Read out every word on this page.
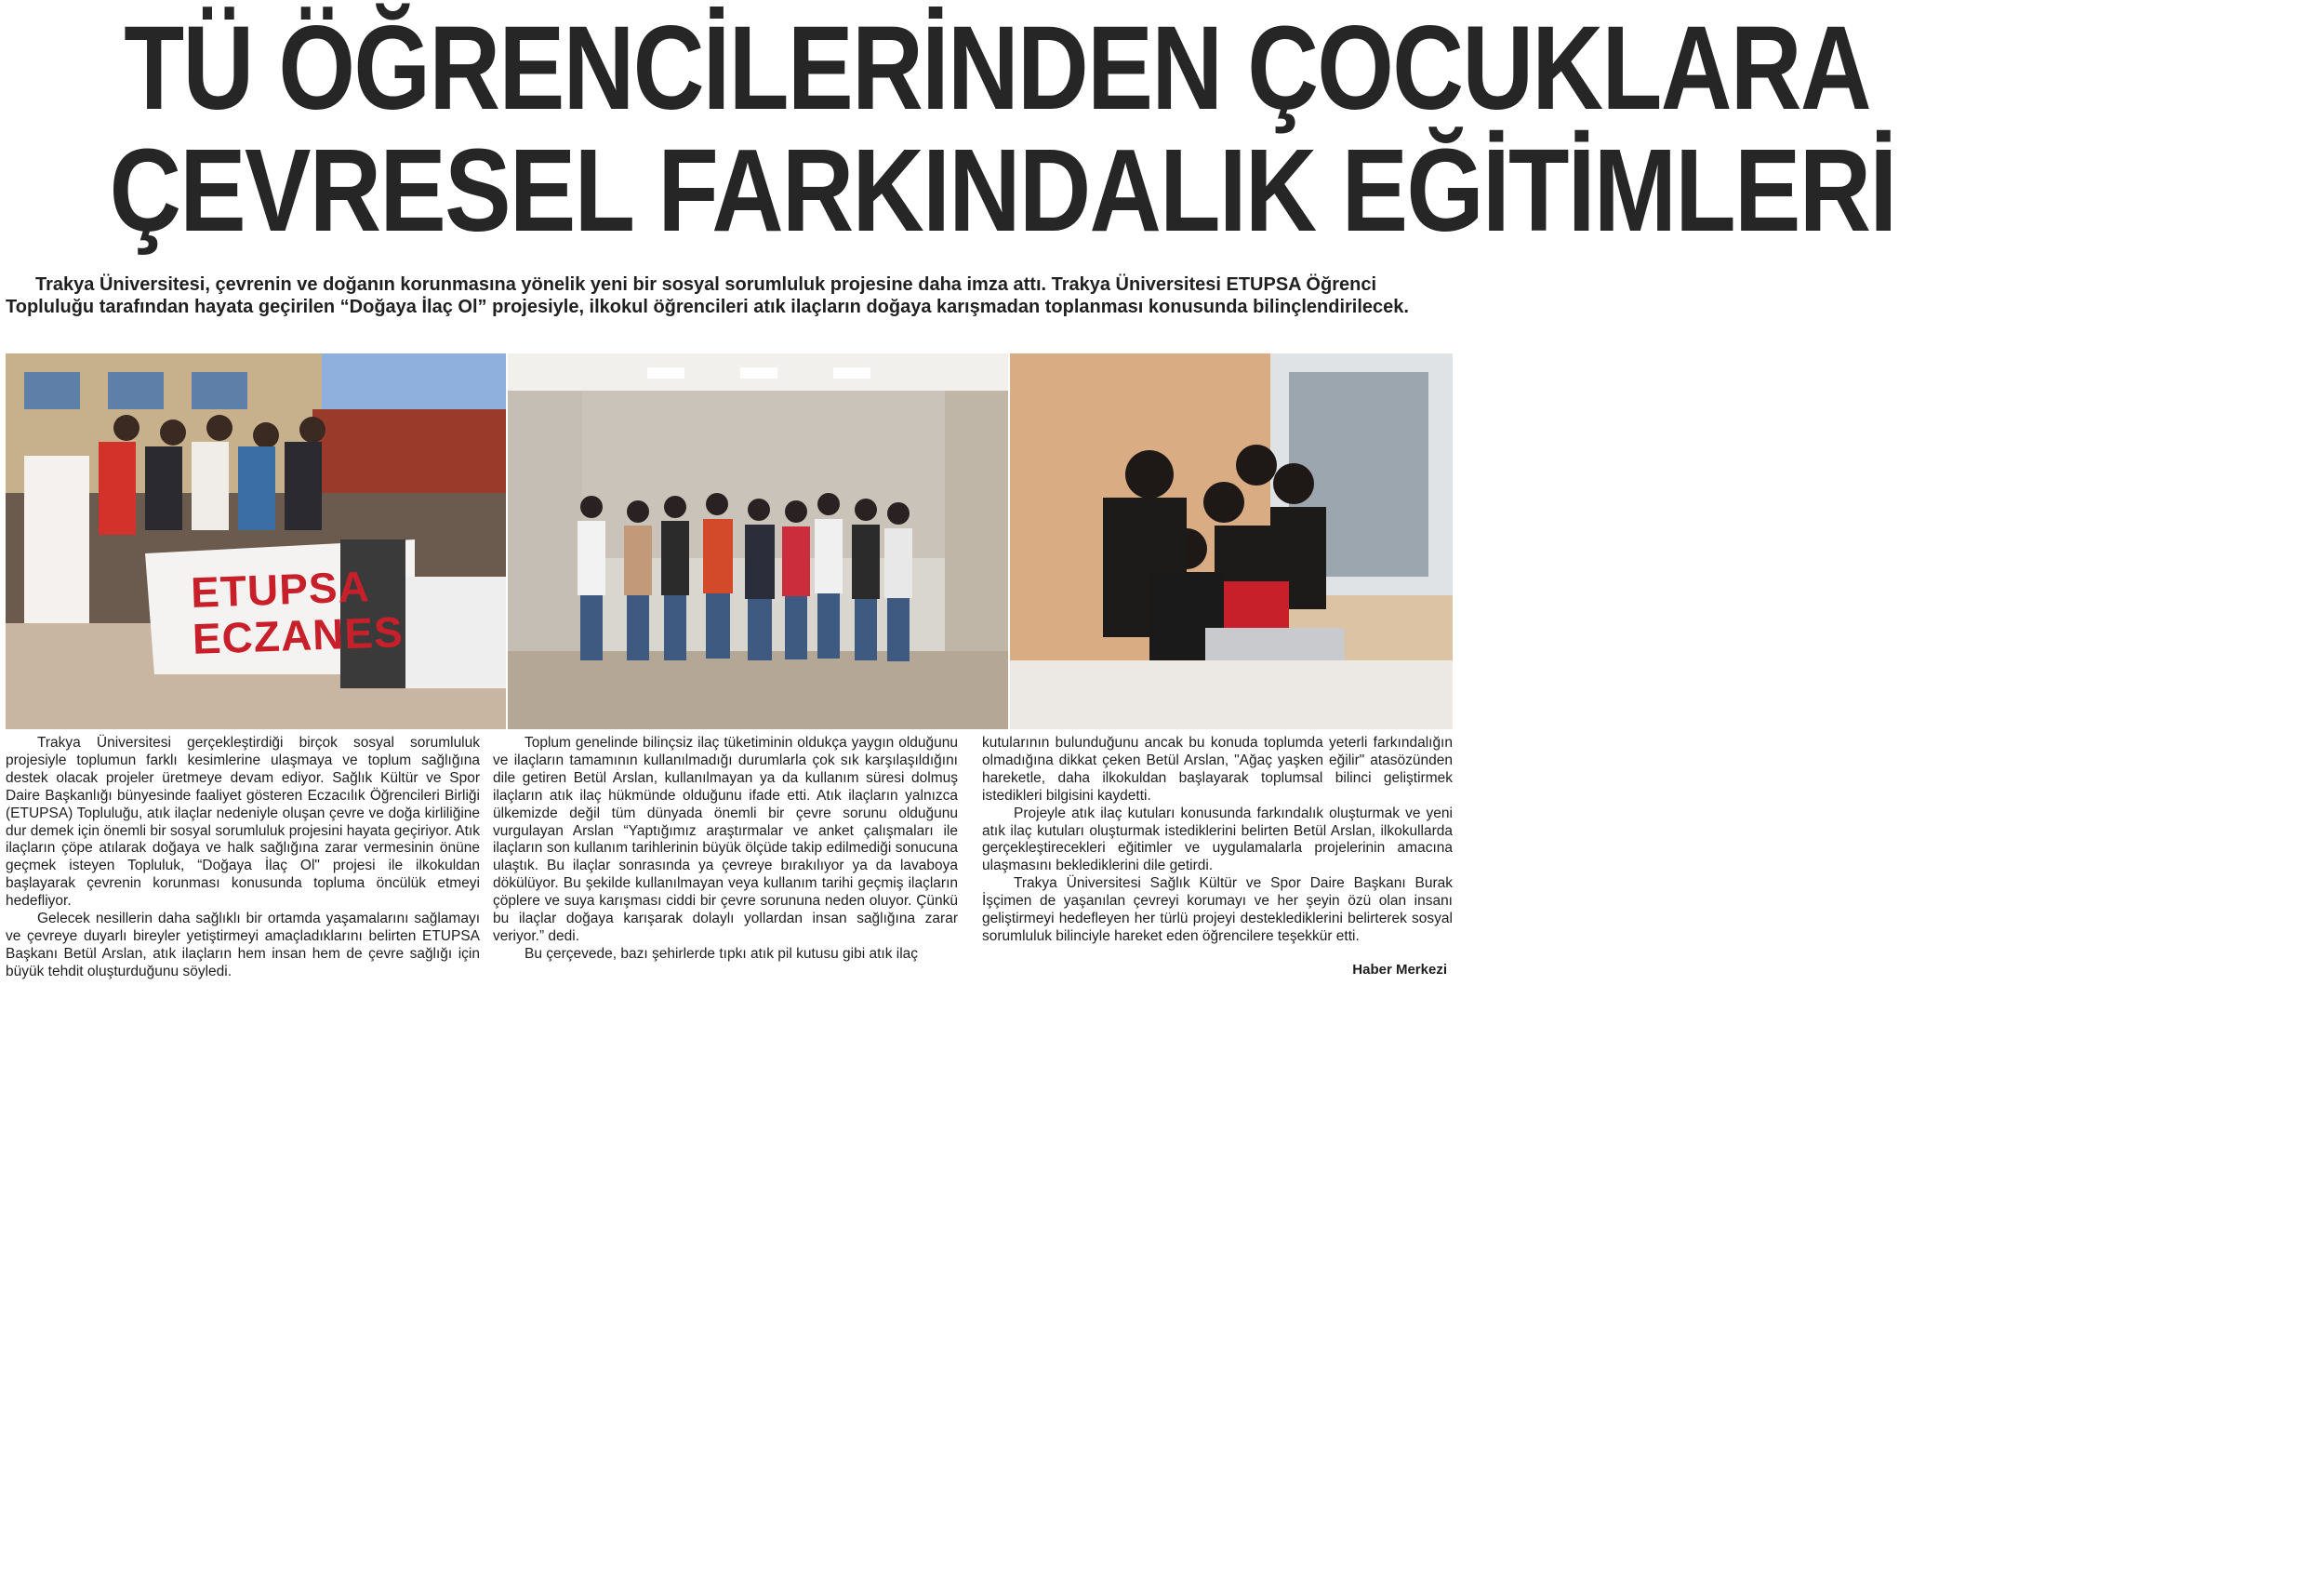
TÜ ÖĞRENCİLERİNDEN ÇOCUKLARA
ÇEVRESEL FARKINDALIK EĞİTİMLERİ

Trakya Üniversitesi, çevrenin ve doğanın korunmasına yönelik yeni bir sosyal sorumluluk projesine daha imza attı. Trakya Üniversitesi ETUPSA Öğrenci Topluluğu tarafından hayata geçirilen “Doğaya İlaç Ol” projesiyle, ilkokul öğrencileri atık ilaçların doğaya karışmadan toplanması konusunda bilinçlendirilecek.

ETUPSA
ECZANES

Trakya Üniversitesi gerçekleştirdiği birçok sosyal sorumluluk projesiyle toplumun farklı kesimlerine ulaşmaya ve toplum sağlığına destek olacak projeler üretmeye devam ediyor. Sağlık Kültür ve Spor Daire Başkanlığı bünyesinde faaliyet gösteren Eczacılık Öğrencileri Birliği (ETUPSA) Topluluğu, atık ilaçlar nedeniyle oluşan çevre ve doğa kirliliğine dur demek için önemli bir sosyal sorumluluk projesini hayata geçiriyor. Atık ilaçların çöpe atılarak doğaya ve halk sağlığına zarar vermesinin önüne geçmek isteyen Topluluk, “Doğaya İlaç Ol" projesi ile ilkokuldan başlayarak çevrenin korunması konusunda topluma öncülük etmeyi hedefliyor.

Gelecek nesillerin daha sağlıklı bir ortamda yaşamalarını sağlamayı ve çevreye duyarlı bireyler yetiştirmeyi amaçladıklarını belirten ETUPSA Başkanı Betül Arslan, atık ilaçların hem insan hem de çevre sağlığı için büyük tehdit oluşturduğunu söyledi.

Toplum genelinde bilinçsiz ilaç tüketiminin oldukça yaygın olduğunu ve ilaçların tamamının kullanılmadığı durumlarla çok sık karşılaşıldığını dile getiren Betül Arslan, kullanılmayan ya da kullanım süresi dolmuş ilaçların atık ilaç hükmünde olduğunu ifade etti. Atık ilaçların yalnızca ülkemizde değil tüm dünyada önemli bir çevre sorunu olduğunu vurgulayan Arslan “Yaptığımız araştırmalar ve anket çalışmaları ile ilaçların son kullanım tarihlerinin büyük ölçüde takip edilmediği sonucuna ulaştık. Bu ilaçlar sonrasında ya çevreye bırakılıyor ya da lavaboya dökülüyor. Bu şekilde kullanılmayan veya kullanım tarihi geçmiş ilaçların çöplere ve suya karışması ciddi bir çevre sorununa neden oluyor. Çünkü bu ilaçlar doğaya karışarak dolaylı yollardan insan sağlığına zarar veriyor.” dedi.

Bu çerçevede, bazı şehirlerde tıpkı atık pil kutusu gibi atık ilaç

kutularının bulunduğunu ancak bu konuda toplumda yeterli farkındalığın olmadığına dikkat çeken Betül Arslan, "Ağaç yaşken eğilir" atasözünden hareketle, daha ilkokuldan başlayarak toplumsal bilinci geliştirmek istedikleri bilgisini kaydetti.

Projeyle atık ilaç kutuları konusunda farkındalık oluşturmak ve yeni atık ilaç kutuları oluşturmak istediklerini belirten Betül Arslan, ilkokullarda gerçekleştirecekleri eğitimler ve uygulamalarla projelerinin amacına ulaşmasını beklediklerini dile getirdi.

Trakya Üniversitesi Sağlık Kültür ve Spor Daire Başkanı Burak İşçimen de yaşanılan çevreyi korumayı ve her şeyin özü olan insanı geliştirmeyi hedefleyen her türlü projeyi desteklediklerini belirterek sosyal sorumluluk bilinciyle hareket eden öğrencilere teşekkür etti.

Haber Merkezi
